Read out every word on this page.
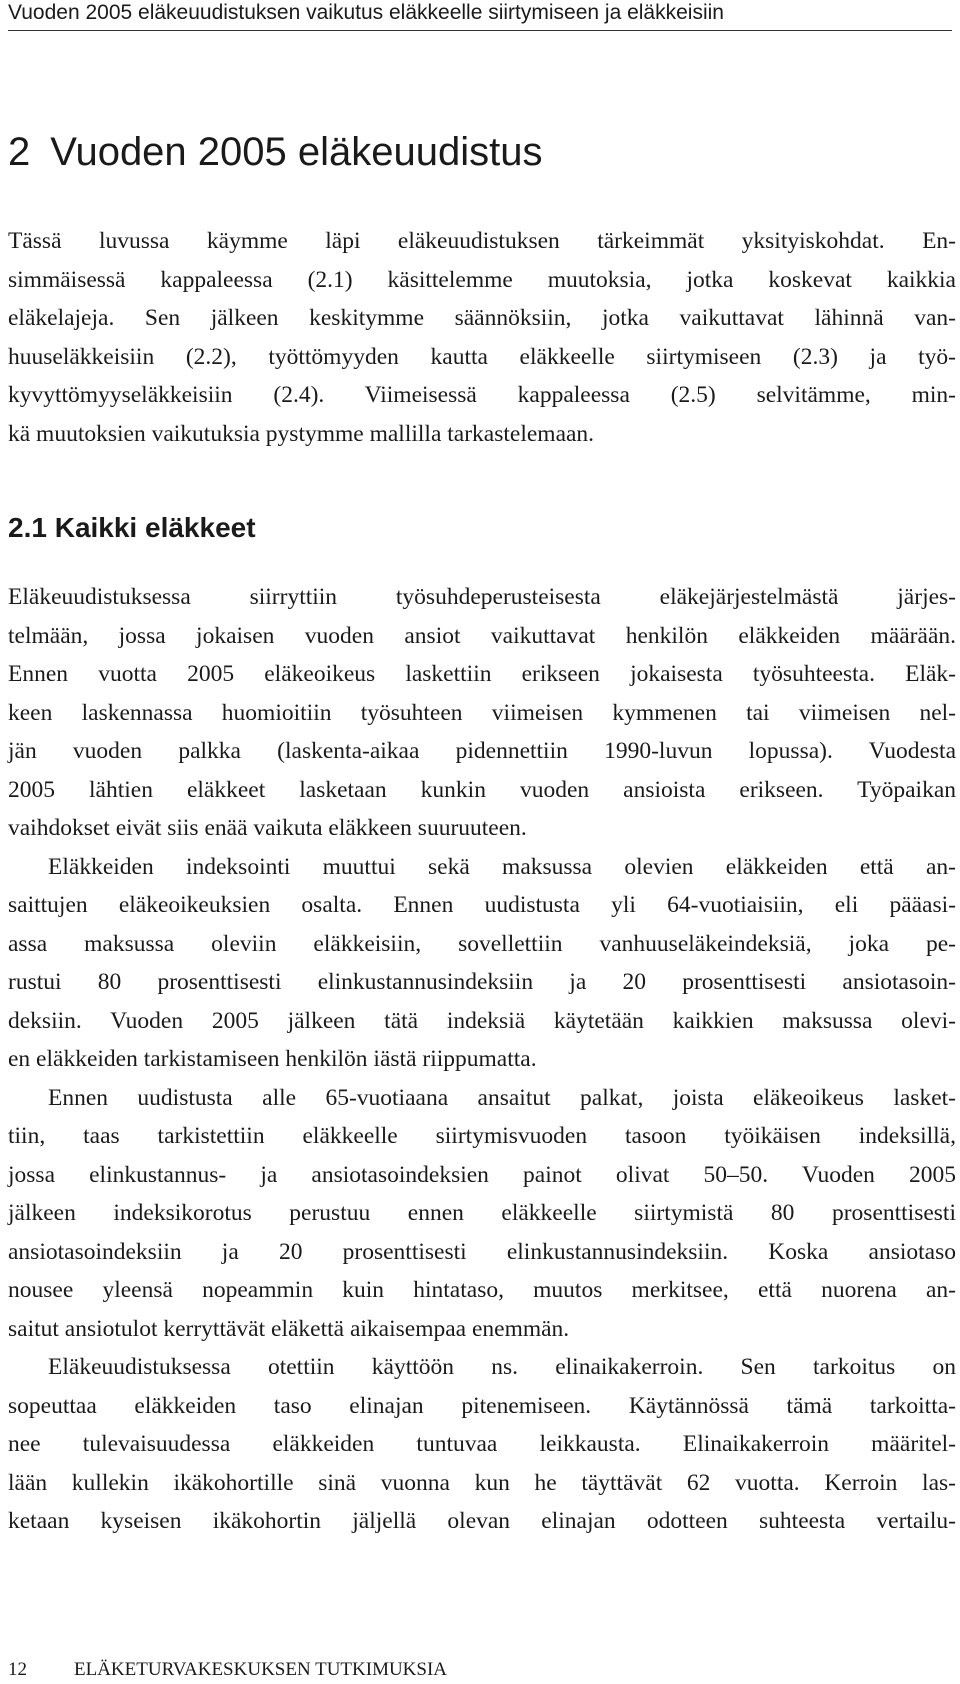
Vuoden 2005 eläkeuudistuksen vaikutus eläkkeelle siirtymiseen ja eläkkeisiin
2 Vuoden 2005 eläkeuudistus
Tässä luvussa käymme läpi eläkeuudistuksen tärkeimmät yksityiskohdat. En-
simmäisessä kappaleessa (2.1) käsittelemme muutoksia, jotka koskevat kaikkia
eläkelajeja. Sen jälkeen keskitymme säännöksiin, jotka vaikuttavat lähinnä van-
huuseläkkeisiin (2.2), työttömyyden kautta eläkkeelle siirtymiseen (2.3) ja työ-
kyvyttömyyseläkkeisiin (2.4). Viimeisessä kappaleessa (2.5) selvitämme, min-
kä muutoksien vaikutuksia pystymme mallilla tarkastelemaan.
2.1 Kaikki eläkkeet
Eläkeuudistuksessa siirryttiin työsuhdeperusteisesta eläkejärjestelmästä järjes-
telmään, jossa jokaisen vuoden ansiot vaikuttavat henkilön eläkkeiden määrään.
Ennen vuotta 2005 eläkeoikeus laskettiin erikseen jokaisesta työsuhteesta. Eläk-
keen laskennassa huomioitiin työsuhteen viimeisen kymmenen tai viimeisen nel-
jän vuoden palkka (laskenta-aikaa pidennettiin 1990-luvun lopussa). Vuodesta
2005 lähtien eläkkeet lasketaan kunkin vuoden ansioista erikseen. Työpaikan
vaihdokset eivät siis enää vaikuta eläkkeen suuruuteen.
Eläkkeiden indeksointi muuttui sekä maksussa olevien eläkkeiden että an-
saittujen eläkeoikeuksien osalta. Ennen uudistusta yli 64-vuotiaisiin, eli pääasi-
assa maksussa oleviin eläkkeisiin, sovellettiin vanhuuseläkeindeksiä, joka pe-
rustui 80 prosenttisesti elinkustannusindeksiin ja 20 prosenttisesti ansiotasoin-
deksiin. Vuoden 2005 jälkeen tätä indeksiä käytetään kaikkien maksussa olevi-
en eläkkeiden tarkistamiseen henkilön iästä riippumatta.
Ennen uudistusta alle 65-vuotiaana ansaitut palkat, joista eläkeoikeus lasket-
tiin, taas tarkistettiin eläkkeelle siirtymisvuoden tasoon työikäisen indeksillä,
jossa elinkustannus- ja ansiotasoindeksien painot olivat 50–50. Vuoden 2005
jälkeen indeksikorotus perustuu ennen eläkkeelle siirtymistä 80 prosenttisesti
ansiotasoindeksiin ja 20 prosenttisesti elinkustannusindeksiin. Koska ansiotaso
nousee yleensä nopeammin kuin hintataso, muutos merkitsee, että nuorena an-
saitut ansiotulot kerryttävät eläkettä aikaisempaa enemmän.
Eläkeuudistuksessa otettiin käyttöön ns. elinaikakerroin. Sen tarkoitus on
sopeuttaa eläkkeiden taso elinajan pitenemiseen. Käytännössä tämä tarkoitta-
nee tulevaisuudessa eläkkeiden tuntuvaa leikkausta. Elinaikakerroin määritel-
lään kullekin ikäkohortille sinä vuonna kun he täyttävät 62 vuotta. Kerroin las-
ketaan kyseisen ikäkohortin jäljellä olevan elinajan odotteen suhteesta vertailu-
12 ELÄKETURVAKESKUKSEN TUTKIMUKSIA
